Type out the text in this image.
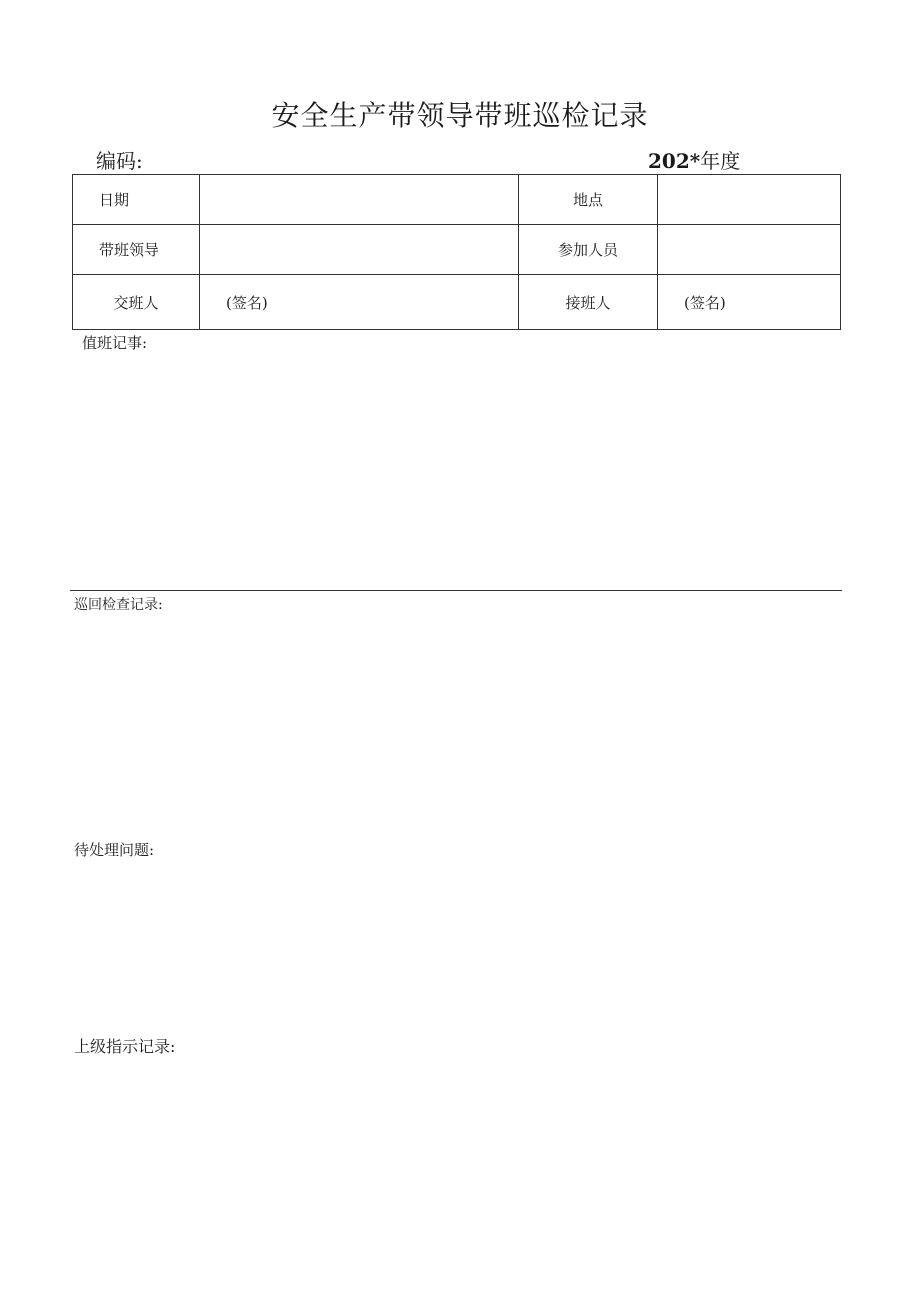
安全生产带领导带班巡检记录
编码:	202*年度
日期		地点	
带班领导		参加人员	
交班人	(签名)	接班人	(签名)
值班记事:
巡回检查记录:
待处理问题:
上级指示记录:
